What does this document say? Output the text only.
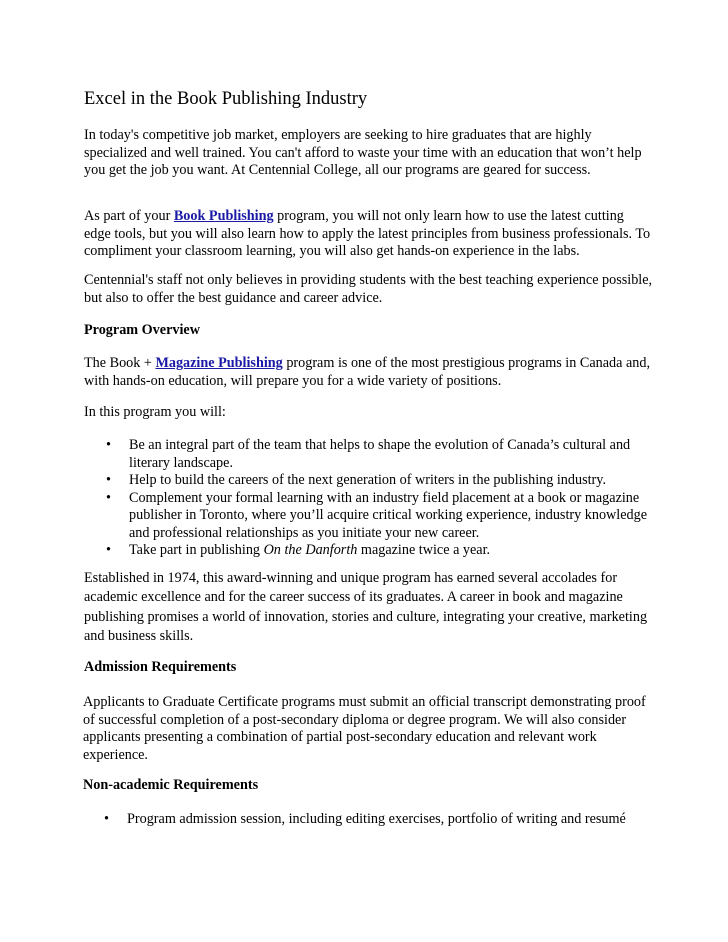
Excel in the Book Publishing Industry

In today's competitive job market, employers are seeking to hire graduates that are highly specialized and well trained. You can't afford to waste your time with an education that won’t help you get the job you want. At Centennial College, all our programs are geared for success.

As part of your Book Publishing program, you will not only learn how to use the latest cutting edge tools, but you will also learn how to apply the latest principles from business professionals. To compliment your classroom learning, you will also get hands-on experience in the labs.

Centennial's staff not only believes in providing students with the best teaching experience possible, but also to offer the best guidance and career advice.

Program Overview

The Book + Magazine Publishing program is one of the most prestigious programs in Canada and, with hands-on education, will prepare you for a wide variety of positions.

In this program you will:

• Be an integral part of the team that helps to shape the evolution of Canada’s cultural and literary landscape.
• Help to build the careers of the next generation of writers in the publishing industry.
• Complement your formal learning with an industry field placement at a book or magazine publisher in Toronto, where you’ll acquire critical working experience, industry knowledge and professional relationships as you initiate your new career.
• Take part in publishing On the Danforth magazine twice a year.

Established in 1974, this award-winning and unique program has earned several accolades for academic excellence and for the career success of its graduates. A career in book and magazine publishing promises a world of innovation, stories and culture, integrating your creative, marketing and business skills.

Admission Requirements

Applicants to Graduate Certificate programs must submit an official transcript demonstrating proof of successful completion of a post-secondary diploma or degree program. We will also consider applicants presenting a combination of partial post-secondary education and relevant work experience.

Non-academic Requirements

• Program admission session, including editing exercises, portfolio of writing and resumé
